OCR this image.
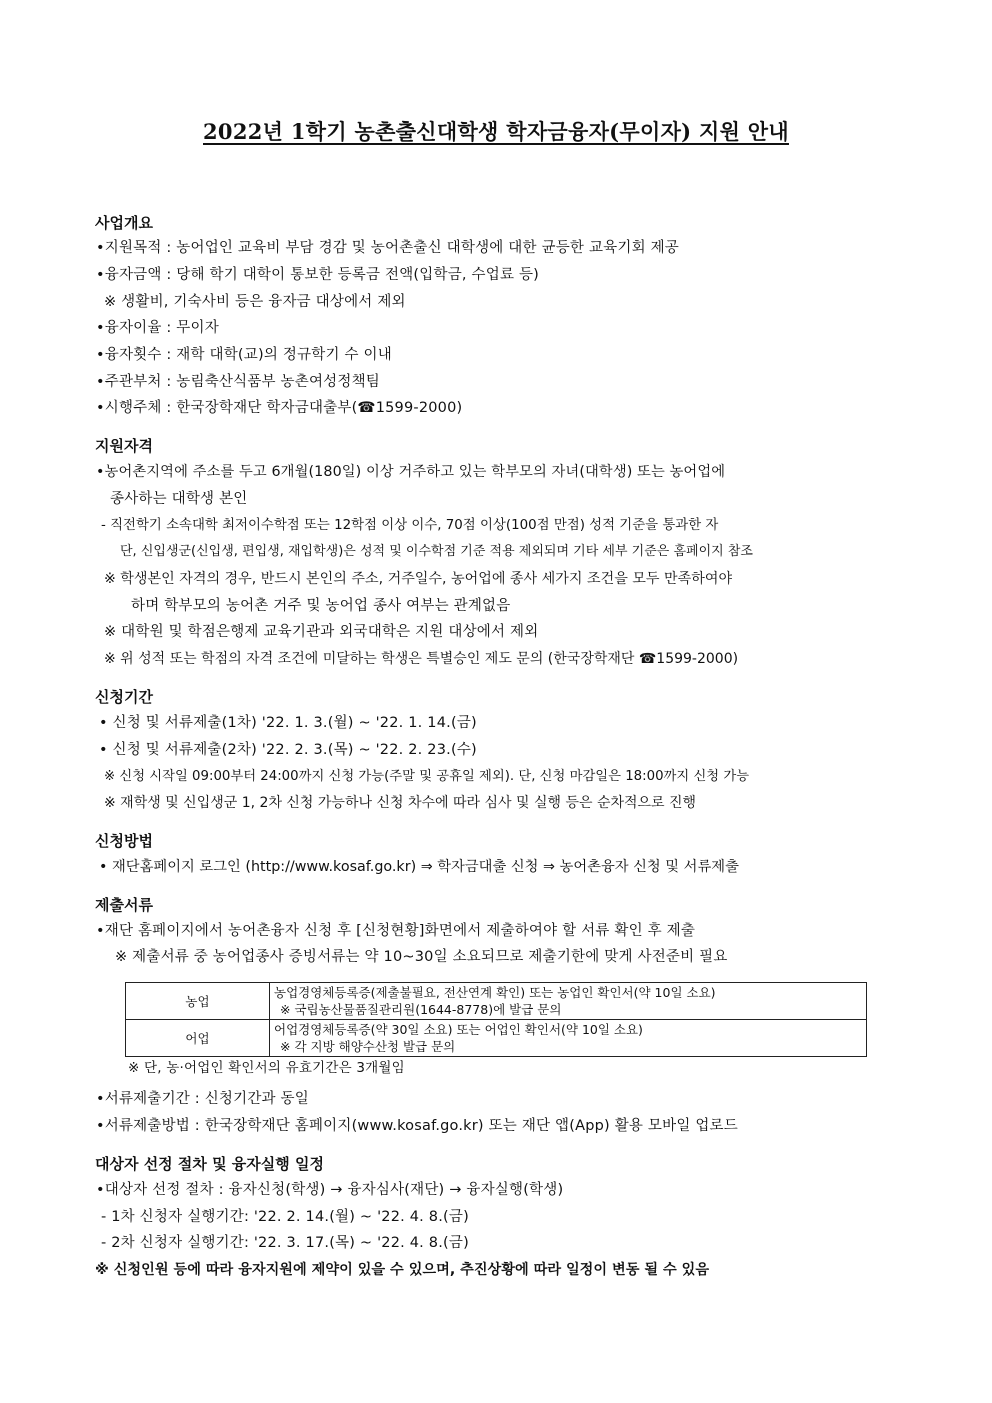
2022년 1학기 농촌출신대학생 학자금융자(무이자) 지원 안내
사업개요
•지원목적 : 농어업인 교육비 부담 경감 및 농어촌출신 대학생에 대한 균등한 교육기회 제공
•융자금액 : 당해 학기 대학이 통보한 등록금 전액(입학금, 수업료 등)
※ 생활비, 기숙사비 등은 융자금 대상에서 제외
•융자이율 : 무이자
•융자횟수 : 재학 대학(교)의 정규학기 수 이내
•주관부처 : 농림축산식품부 농촌여성정책팀
•시행주체 : 한국장학재단 학자금대출부(☎1599-2000)
지원자격
•농어촌지역에 주소를 두고 6개월(180일) 이상 거주하고 있는 학부모의 자녀(대학생) 또는 농어업에
종사하는 대학생 본인
- 직전학기 소속대학 최저이수학점 또는 12학점 이상 이수, 70점 이상(100점 만점) 성적 기준을 통과한 자
단, 신입생군(신입생, 편입생, 재입학생)은 성적 및 이수학점 기준 적용 제외되며 기타 세부 기준은 홈페이지 참조
※ 학생본인 자격의 경우, 반드시 본인의 주소, 거주일수, 농어업에 종사 세가지 조건을 모두 만족하여야
하며 학부모의 농어촌 거주 및 농어업 종사 여부는 관계없음
※ 대학원 및 학점은행제 교육기관과 외국대학은 지원 대상에서 제외
※ 위 성적 또는 학점의 자격 조건에 미달하는 학생은 특별승인 제도 문의 (한국장학재단 ☎1599-2000)
신청기간
• 신청 및 서류제출(1차) '22. 1. 3.(월) ~ '22. 1. 14.(금)
• 신청 및 서류제출(2차) '22. 2. 3.(목) ~ '22. 2. 23.(수)
※ 신청 시작일 09:00부터 24:00까지 신청 가능(주말 및 공휴일 제외). 단, 신청 마감일은 18:00까지 신청 가능
※ 재학생 및 신입생군 1, 2차 신청 가능하나 신청 차수에 따라 심사 및 실행 등은 순차적으로 진행
신청방법
• 재단홈페이지 로그인 (http://www.kosaf.go.kr) ⇒ 학자금대출 신청 ⇒ 농어촌융자 신청 및 서류제출
제출서류
•재단 홈페이지에서 농어촌융자 신청 후 [신청현황]화면에서 제출하여야 할 서류 확인 후 제출
※ 제출서류 중 농어업종사 증빙서류는 약 10~30일 소요되므로 제출기한에 맞게 사전준비 필요
농업	농업경영체등록증(제출불필요, 전산연계 확인) 또는 농업인 확인서(약 10일 소요)
※ 국립농산물품질관리원(1644-8778)에 발급 문의

어업	어업경영체등록증(약 30일 소요) 또는 어업인 확인서(약 10일 소요)
※ 각 지방 해양수산청 발급 문의
※ 단, 농·어업인 확인서의 유효기간은 3개월임
•서류제출기간 : 신청기간과 동일
•서류제출방법 : 한국장학재단 홈페이지(www.kosaf.go.kr) 또는 재단 앱(App) 활용 모바일 업로드
대상자 선정 절차 및 융자실행 일정
•대상자 선정 절차 : 융자신청(학생) → 융자심사(재단) → 융자실행(학생)
- 1차 신청자 실행기간: '22. 2. 14.(월) ~ '22. 4. 8.(금)
- 2차 신청자 실행기간: '22. 3. 17.(목) ~ '22. 4. 8.(금)
※ 신청인원 등에 따라 융자지원에 제약이 있을 수 있으며, 추진상황에 따라 일정이 변동 될 수 있음
